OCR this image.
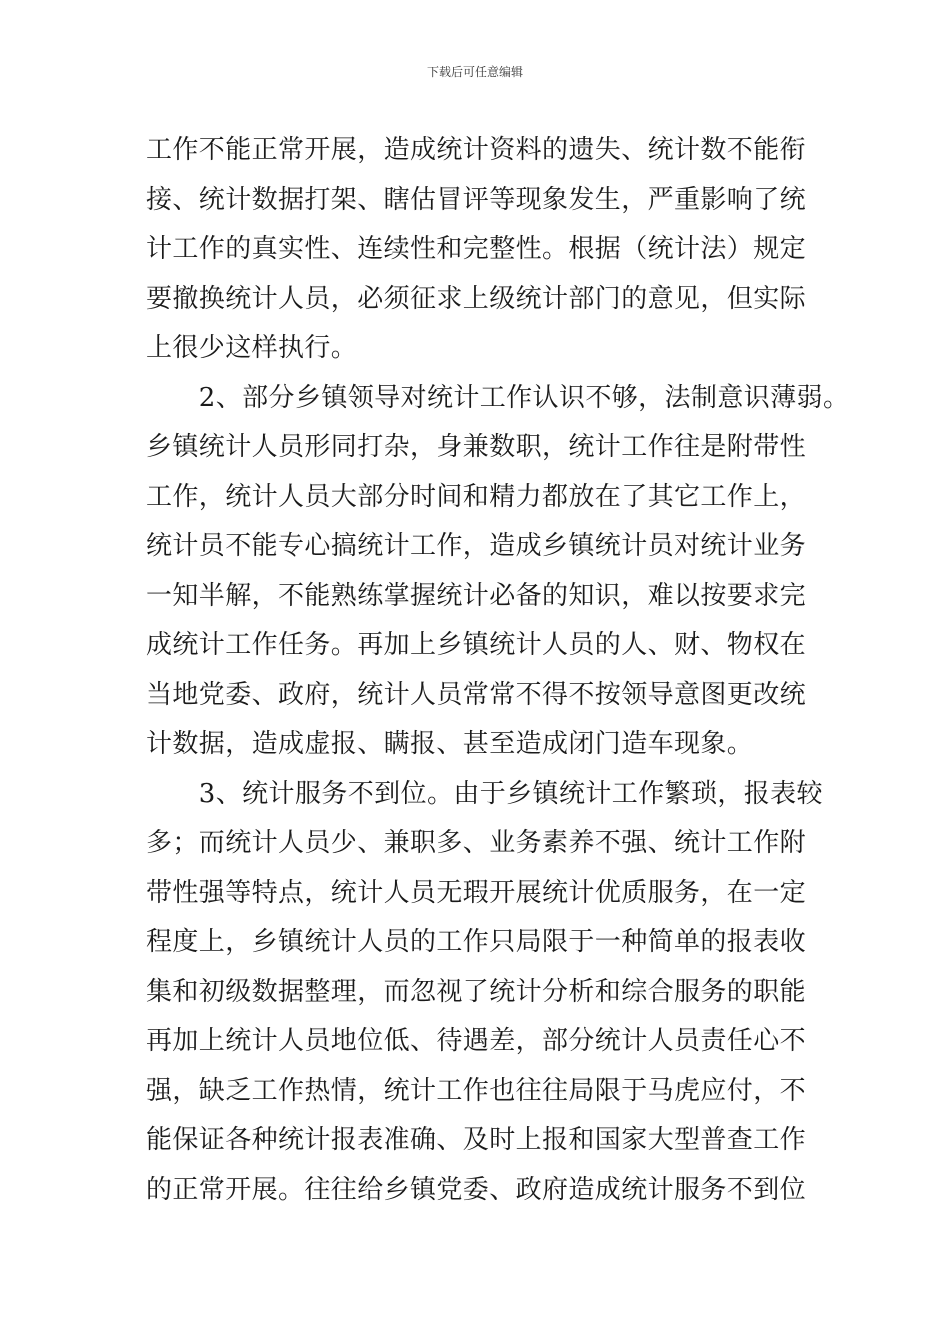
下载后可任意编辑
工作不能正常开展，造成统计资料的遗失、统计数不能衔
接、统计数据打架、瞎估冒评等现象发生，严重影响了统
计工作的真实性、连续性和完整性。根据（统计法）规定
要撤换统计人员，必须征求上级统计部门的意见，但实际
上很少这样执行。
　　2、部分乡镇领导对统计工作认识不够，法制意识薄弱。
乡镇统计人员形同打杂，身兼数职，统计工作往是附带性
工作，统计人员大部分时间和精力都放在了其它工作上，
统计员不能专心搞统计工作，造成乡镇统计员对统计业务
一知半解，不能熟练掌握统计必备的知识，难以按要求完
成统计工作任务。再加上乡镇统计人员的人、财、物权在
当地党委、政府，统计人员常常不得不按领导意图更改统
计数据，造成虚报、瞒报、甚至造成闭门造车现象。
　　3、统计服务不到位。由于乡镇统计工作繁琐，报表较
多；而统计人员少、兼职多、业务素养不强、统计工作附
带性强等特点，统计人员无瑕开展统计优质服务，在一定
程度上，乡镇统计人员的工作只局限于一种简单的报表收
集和初级数据整理，而忽视了统计分析和综合服务的职能
再加上统计人员地位低、待遇差，部分统计人员责任心不
强，缺乏工作热情，统计工作也往往局限于马虎应付，不
能保证各种统计报表准确、及时上报和国家大型普查工作
的正常开展。往往给乡镇党委、政府造成统计服务不到位
